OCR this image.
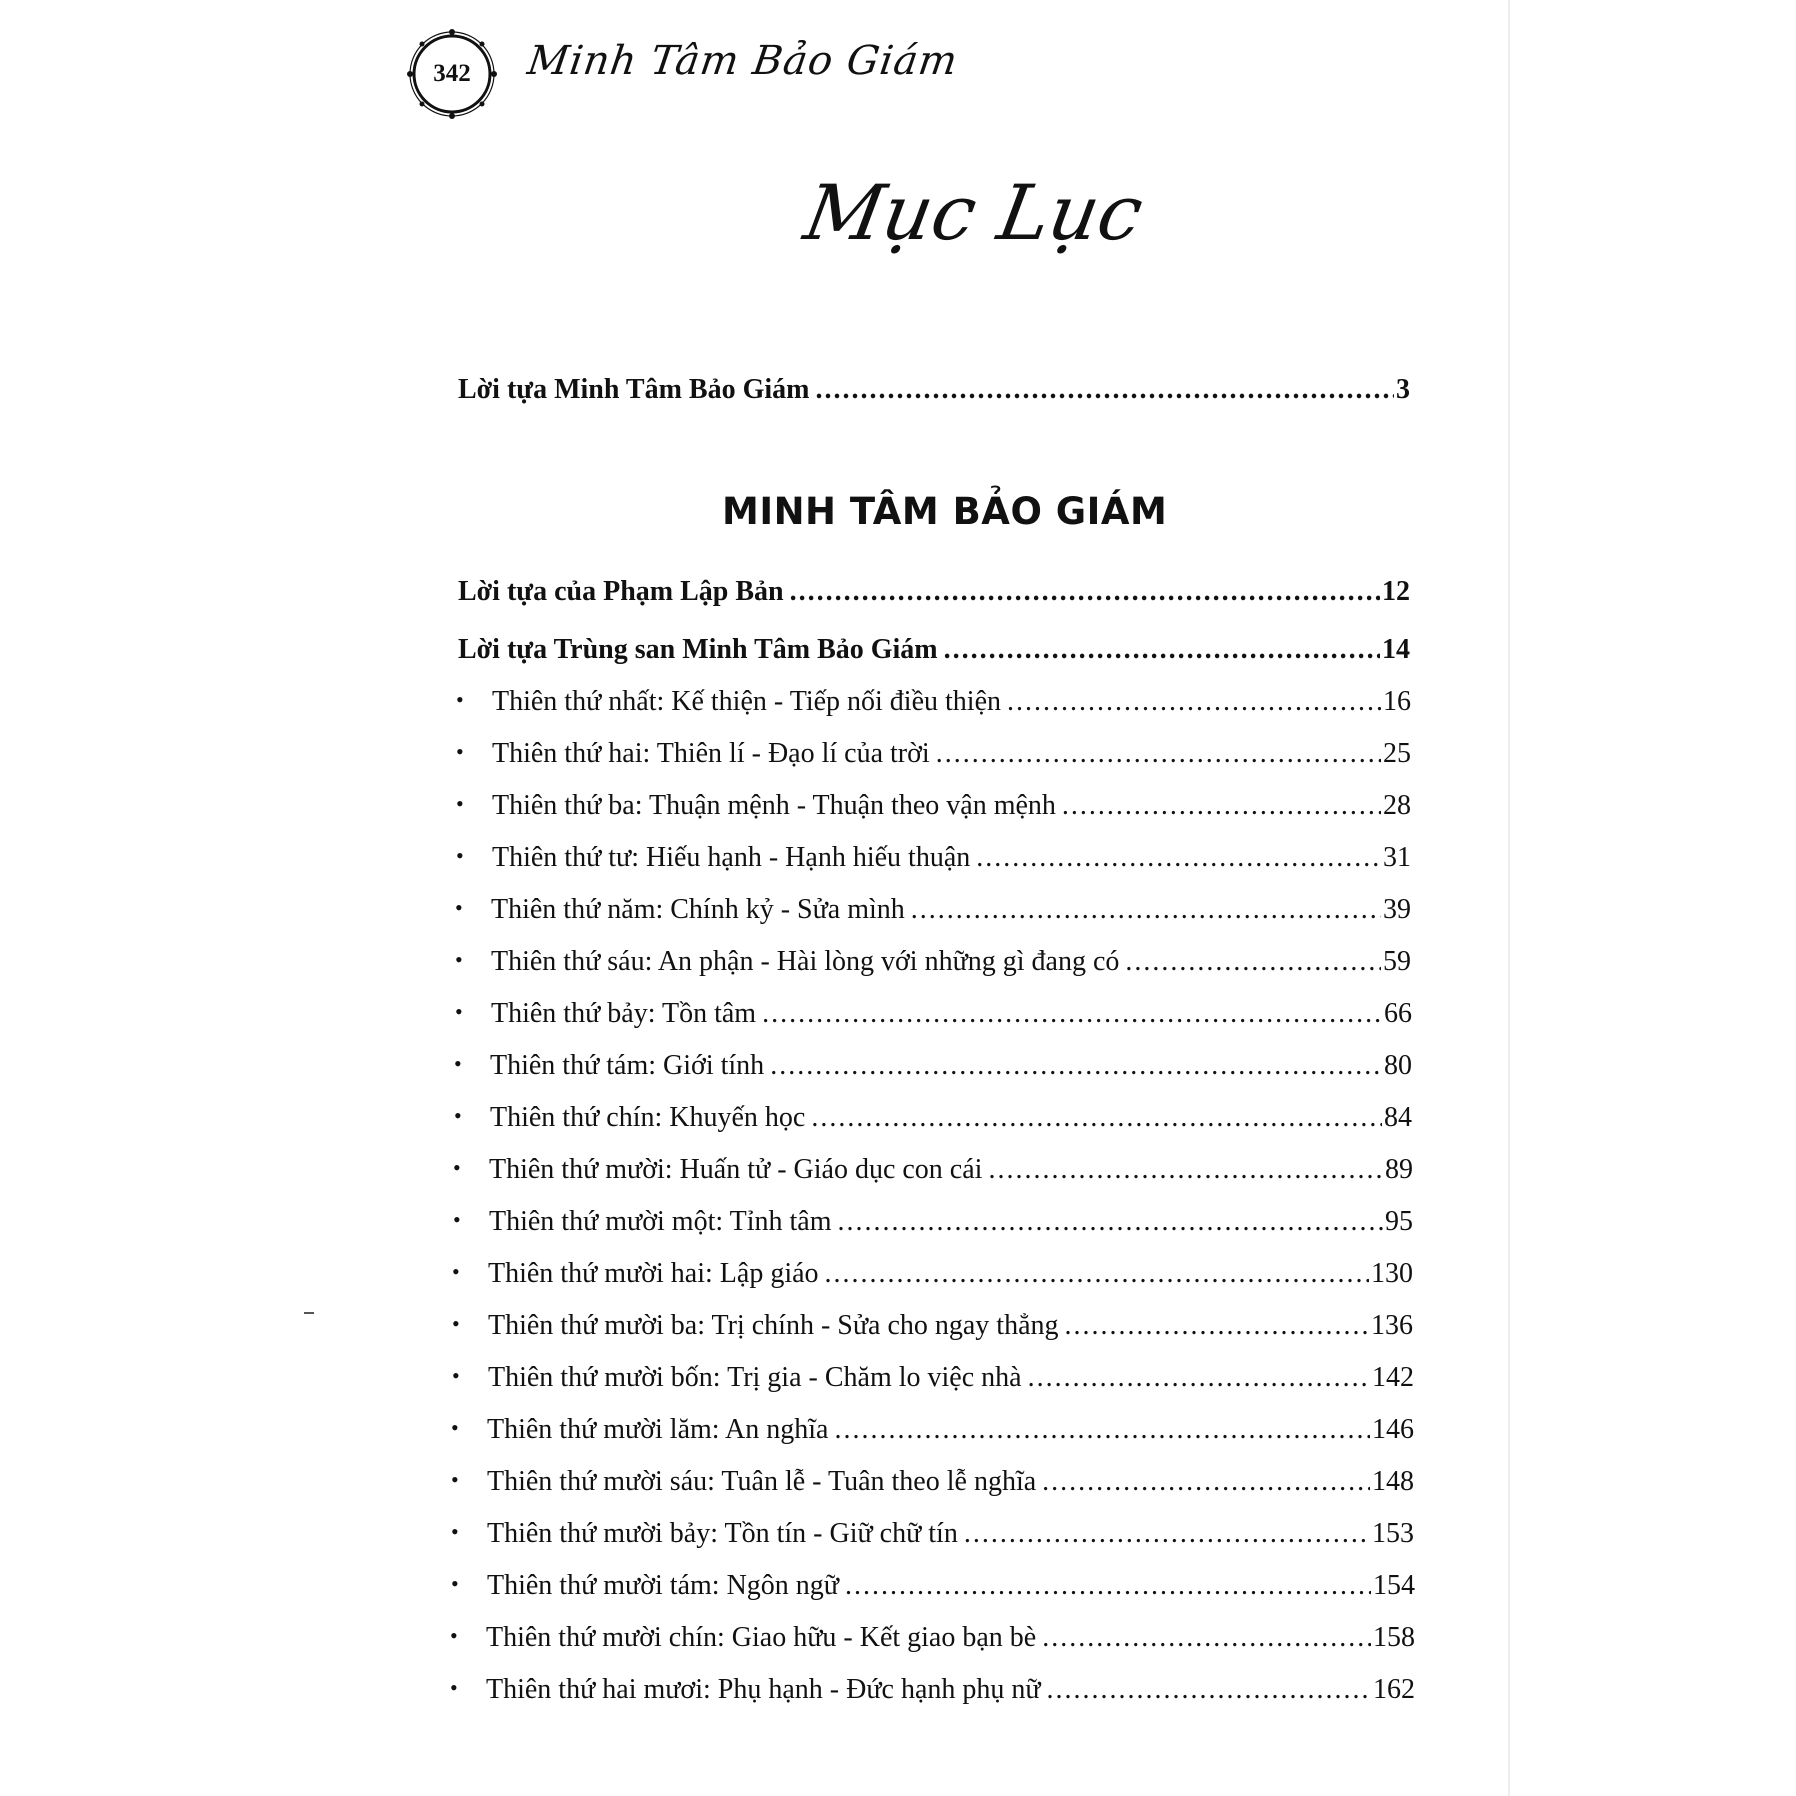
342	Minh Tâm Bảo Giám
Mục Lục
Lời tựa Minh Tâm Bảo Giám .....	3
MINH TÂM BẢO GIÁM
Lời tựa của Phạm Lập Bản .....	12
Lời tựa Trùng san Minh Tâm Bảo Giám .....	14
•	Thiên thứ nhất: Kế thiện - Tiếp nối điều thiện .....	16
•	Thiên thứ hai: Thiên lí - Đạo lí của trời .....	25
•	Thiên thứ ba: Thuận mệnh - Thuận theo vận mệnh .....	28
•	Thiên thứ tư: Hiếu hạnh - Hạnh hiếu thuận .....	31
•	Thiên thứ năm: Chính kỷ - Sửa mình .....	39
•	Thiên thứ sáu: An phận - Hài lòng với những gì đang có .....	59
•	Thiên thứ bảy: Tồn tâm .....	66
•	Thiên thứ tám: Giới tính .....	80
•	Thiên thứ chín: Khuyến học .....	84
•	Thiên thứ mười: Huấn tử - Giáo dục con cái .....	89
•	Thiên thứ mười một: Tỉnh tâm .....	95
•	Thiên thứ mười hai: Lập giáo .....	130
•	Thiên thứ mười ba: Trị chính - Sửa cho ngay thẳng .....	136
•	Thiên thứ mười bốn: Trị gia - Chăm lo việc nhà .....	142
•	Thiên thứ mười lăm: An nghĩa .....	146
•	Thiên thứ mười sáu: Tuân lễ - Tuân theo lễ nghĩa .....	148
•	Thiên thứ mười bảy: Tồn tín - Giữ chữ tín .....	153
•	Thiên thứ mười tám: Ngôn ngữ .....	154
•	Thiên thứ mười chín: Giao hữu - Kết giao bạn bè .....	158
•	Thiên thứ hai mươi: Phụ hạnh - Đức hạnh phụ nữ .....	162
